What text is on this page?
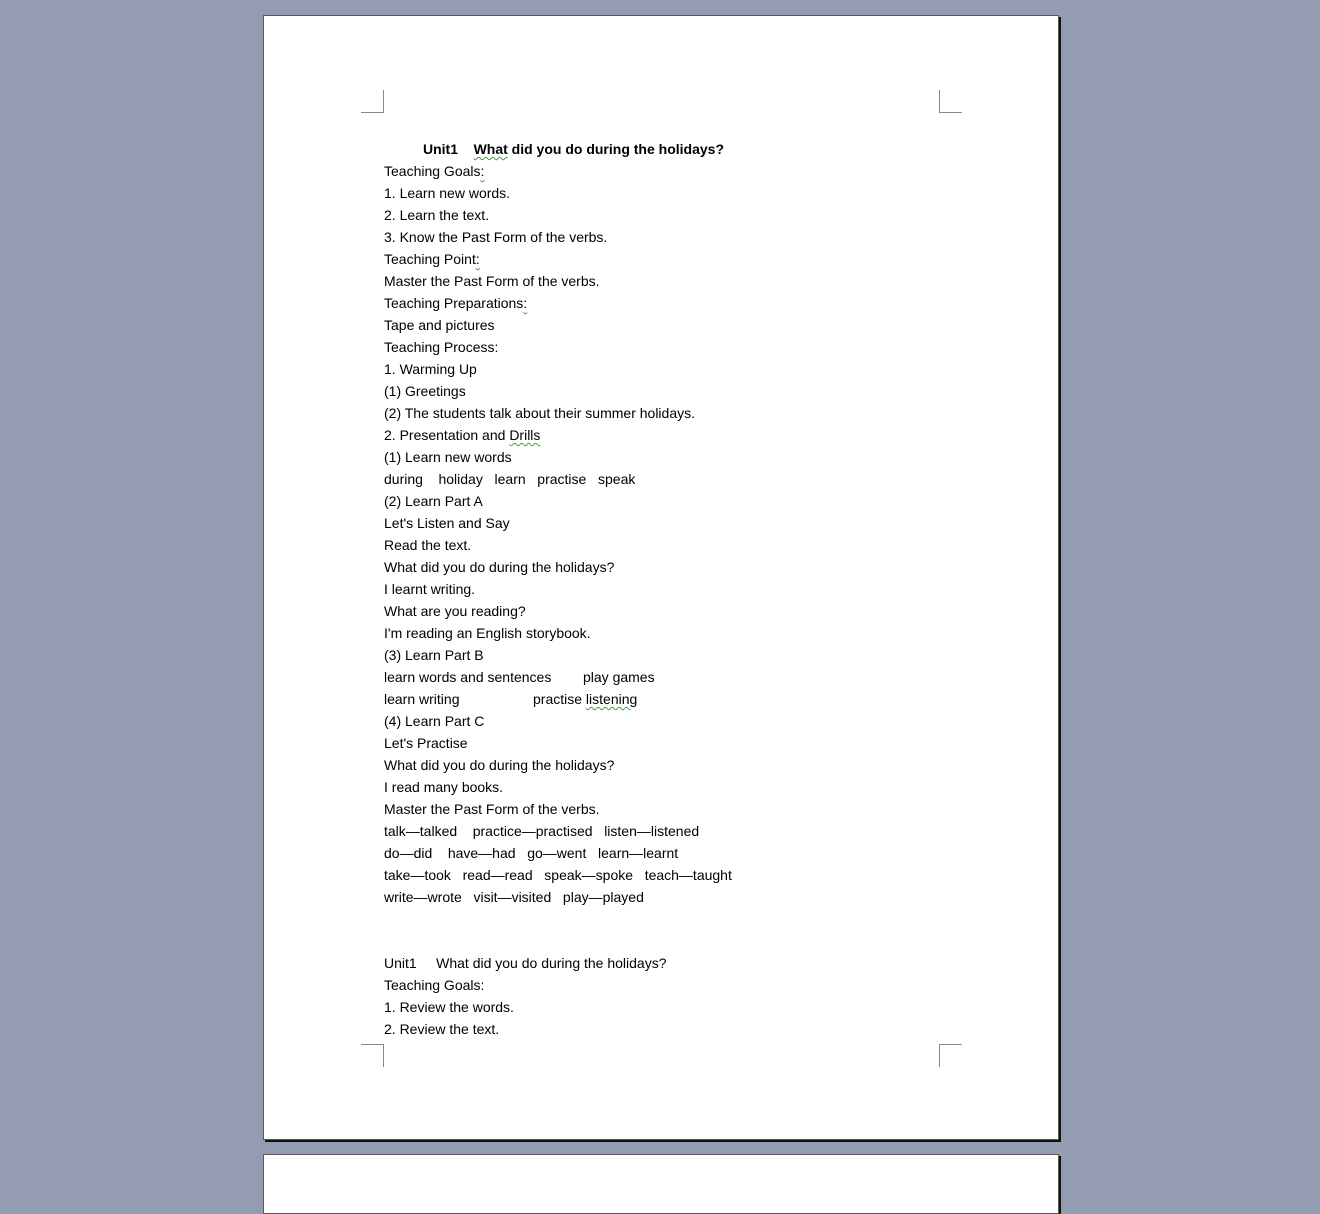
Unit1 What did you do during the holidays?
Teaching Goals:
1. Learn new words.
2. Learn the text.
3. Know the Past Form of the verbs.
Teaching Point:
Master the Past Form of the verbs.
Teaching Preparations:
Tape and pictures
Teaching Process:
1. Warming Up
(1) Greetings
(2) The students talk about their summer holidays.
2. Presentation and Drills
(1) Learn new words
during    holiday   learn   practise   speak
(2) Learn Part A
Let's Listen and Say
Read the text.
What did you do during the holidays?
I learnt writing.
What are you reading?
I'm reading an English storybook.
(3) Learn Part B
learn words and sentences play games
learn writing	practise listening
(4) Learn Part C
Let's Practise
What did you do during the holidays?
I read many books.
Master the Past Form of the verbs.
talk—talked    practice—practised   listen—listened
do—did    have—had   go—went   learn—learnt
take—took   read—read   speak—spoke   teach—taught
write—wrote   visit—visited   play—played
Unit1     What did you do during the holidays?
Teaching Goals:
1. Review the words.
2. Review the text.
